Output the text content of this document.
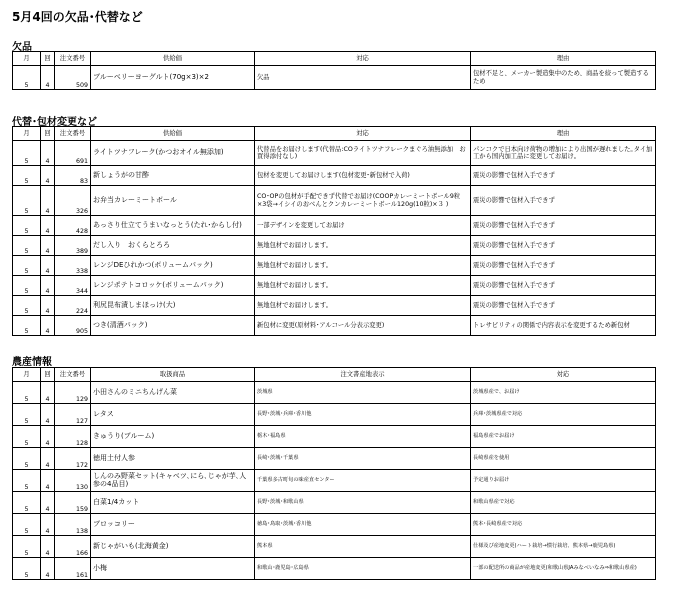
5月4回の欠品･代替など
欠品
月	回	注文番号	供給価	対応	理由
5	4	509	ブルーベリーヨーグルト(70g×3)×2	欠品	包材不足と、メーカー製造集中のため、商品を絞って製造するため
代替･包材変更など
月	回	注文番号	供給価	対応	理由
5	4	691	ライトツナフレーク(かつおオイル無添加)	代替品をお届けします(代替品:COライトツナフレークまぐろ油無添加　お買得添付なし)	パンコクで日本向け荷物の増加により出国が遅れました｡タイ加工から国内加工品に変更してお届け｡
5	4	83	新しょうがの甘酢	包材を変更してお届けします(包材変更･新包材で入荷)	震災の影響で包材入手できず
5	4	326	お弁当カレーミートボール	CO･OPの包材が手配できず代替でお届け(COOPカレーミートボール9粒×3袋→イシイのおべんとクンカレーミートボール120g(10粒)×３ )	震災の影響で包材入手できず
5	4	428	あっさり仕立てうまいなっとう(たれ･からし付)	一部デザインを変更してお届け	震災の影響で包材入手できず
5	4	389	だし入り　おくらとろろ	無地包材でお届けします。	震災の影響で包材入手できず
5	4	338	レンジDEひれかつ(ボリュームパック)	無地包材でお届けします。	震災の影響で包材入手できず
5	4	344	レンジポテトコロッケ(ボリュームパック)	無地包材でお届けします。	震災の影響で包材入手できず
5	4	224	利尻昆布漬しまほっけ(大)	無地包材でお届けします。	震災の影響で包材入手できず
5	4	905	つき(清酒パック)	新包材に変更(原材料･アルコール分表示変更)	トレサビリティの関係で内容表示を変更するため新包材
農産情報
月	回	注文番号	取扱商品	注文書産地表示	対応
5	4	129	小田さんのミニちんげん菜	茨城県	茨城県産で、お届け
5	4	127	レタス	長野･茨城･兵庫･香川他	兵庫･茨城県産で対応
5	4	128	きゅうり(ブルーム)	栃木･福島県	福島県産でお届け
5	4	172	徳用土付人参	長崎･茨城･千葉県	長崎県産を使用
5	4	130	しんのみ野菜セット(キャベツ､にら､じゃが芋､人参の4品目)	千葉県多古町旬の味産直センター	予定通りお届け
5	4	159	白菜1/4カット	長野･茨城･和歌山県	和歌山県産で対応
5	4	138	ブロッコリー	徳島･鳥取･茨城･香川他	熊本･長崎県産で対応
5	4	166	新じゃがいも(北海黄金)	熊本県	仕様及び産地変更(ハート栽培→慣行栽培、熊本県→鹿児島県)
5	4	161	小梅	和歌山･鹿児島･広島県	一部の配送所の商品が産地変更(和歌山県JAみなべいなみ⇒和歌山県産)
